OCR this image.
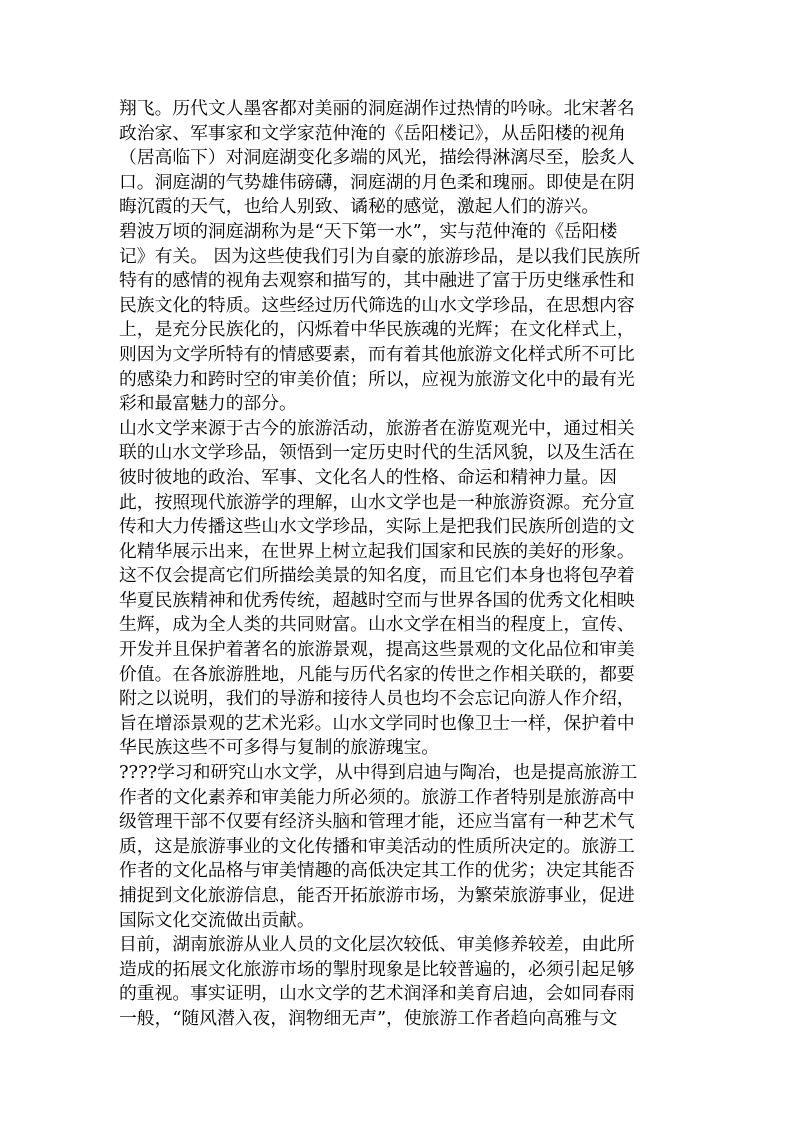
翔飞。历代文人墨客都对美丽的洞庭湖作过热情的吟咏。北宋著名
政治家、军事家和文学家范仲淹的《岳阳楼记》，从岳阳楼的视角
（居高临下）对洞庭湖变化多端的风光，描绘得淋漓尽至，脍炙人
口。洞庭湖的气势雄伟磅礴，洞庭湖的月色柔和瑰丽。即使是在阴
晦沉霞的天气，也给人别致、谲秘的感觉，激起人们的游兴。
碧波万顷的洞庭湖称为是“天下第一水”，实与范仲淹的《岳阳楼
记》有关。 因为这些使我们引为自豪的旅游珍品，是以我们民族所
特有的感情的视角去观察和描写的，其中融进了富于历史继承性和
民族文化的特质。这些经过历代筛选的山水文学珍品，在思想内容
上，是充分民族化的，闪烁着中华民族魂的光辉；在文化样式上，
则因为文学所特有的情感要素，而有着其他旅游文化样式所不可比
的感染力和跨时空的审美价值；所以，应视为旅游文化中的最有光
彩和最富魅力的部分。
山水文学来源于古今的旅游活动，旅游者在游览观光中，通过相关
联的山水文学珍品，领悟到一定历史时代的生活风貌，以及生活在
彼时彼地的政治、军事、文化名人的性格、命运和精神力量。因
此，按照现代旅游学的理解，山水文学也是一种旅游资源。充分宣
传和大力传播这些山水文学珍品，实际上是把我们民族所创造的文
化精华展示出来，在世界上树立起我们国家和民族的美好的形象。
这不仅会提高它们所描绘美景的知名度，而且它们本身也将包孕着
华夏民族精神和优秀传统，超越时空而与世界各国的优秀文化相映
生辉，成为全人类的共同财富。山水文学在相当的程度上，宣传、
开发并且保护着著名的旅游景观，提高这些景观的文化品位和审美
价值。在各旅游胜地，凡能与历代名家的传世之作相关联的，都要
附之以说明，我们的导游和接待人员也均不会忘记向游人作介绍，
旨在增添景观的艺术光彩。山水文学同时也像卫士一样，保护着中
华民族这些不可多得与复制的旅游瑰宝。
????学习和研究山水文学，从中得到启迪与陶冶，也是提高旅游工
作者的文化素养和审美能力所必须的。旅游工作者特别是旅游高中
级管理干部不仅要有经济头脑和管理才能，还应当富有一种艺术气
质，这是旅游事业的文化传播和审美活动的性质所决定的。旅游工
作者的文化品格与审美情趣的高低决定其工作的优劣；决定其能否
捕捉到文化旅游信息，能否开拓旅游市场，为繁荣旅游事业，促进
国际文化交流做出贡献。
目前，湖南旅游从业人员的文化层次较低、审美修养较差，由此所
造成的拓展文化旅游市场的掣肘现象是比较普遍的，必须引起足够
的重视。事实证明，山水文学的艺术润泽和美育启迪，会如同春雨
一般，“随风潜入夜，润物细无声”，使旅游工作者趋向高雅与文
